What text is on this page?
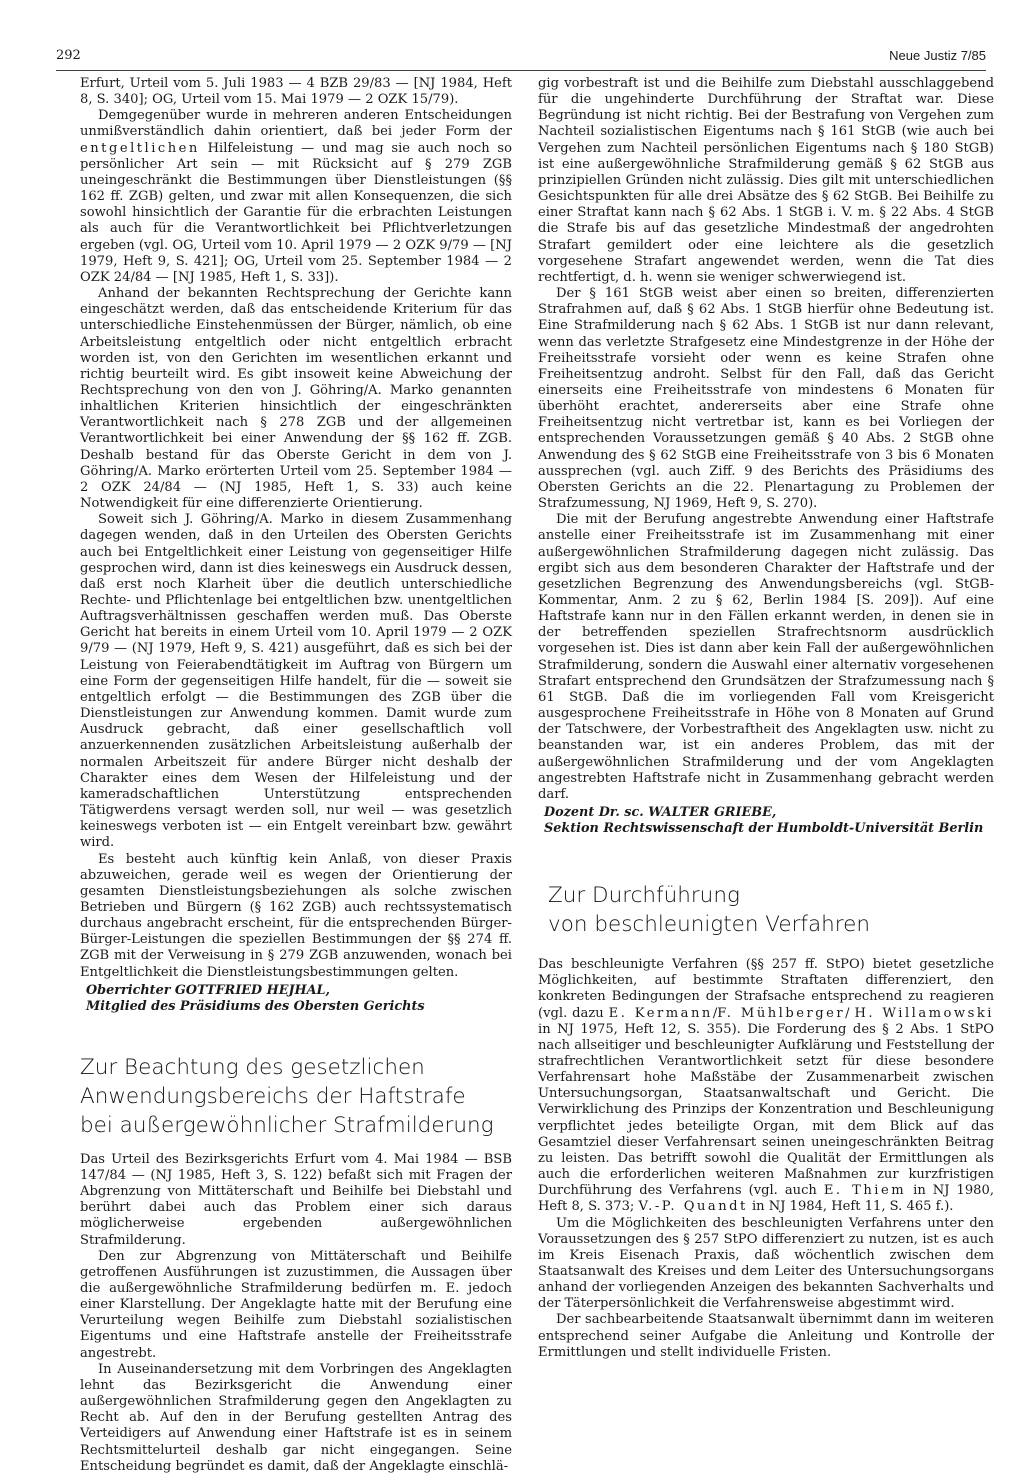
292	Neue Justiz 7/85

Erfurt, Urteil vom 5. Juli 1983 — 4 BZB 29/83 — [NJ 1984, Heft 8, S. 340]; OG, Urteil vom 15. Mai 1979 — 2 OZK 15/79).

Demgegenüber wurde in mehreren anderen Entscheidungen unmißverständlich dahin orientiert, daß bei jeder Form der entgeltlichen Hilfeleistung — und mag sie auch noch so persönlicher Art sein — mit Rücksicht auf § 279 ZGB uneingeschränkt die Bestimmungen über Dienstleistungen (§§ 162 ff. ZGB) gelten, und zwar mit allen Konsequenzen, die sich sowohl hinsichtlich der Garantie für die erbrachten Leistungen als auch für die Verantwortlichkeit bei Pflichtverletzungen ergeben (vgl. OG, Urteil vom 10. April 1979 — 2 OZK 9/79 — [NJ 1979, Heft 9, S. 421]; OG, Urteil vom 25. September 1984 — 2 OZK 24/84 — [NJ 1985, Heft 1, S. 33]).

Anhand der bekannten Rechtsprechung der Gerichte kann eingeschätzt werden, daß das entscheidende Kriterium für das unterschiedliche Einstehenmüssen der Bürger, nämlich, ob eine Arbeitsleistung entgeltlich oder nicht entgeltlich erbracht worden ist, von den Gerichten im wesentlichen erkannt und richtig beurteilt wird. Es gibt insoweit keine Abweichung der Rechtsprechung von den von J. Göhring/A. Marko genannten inhaltlichen Kriterien hinsichtlich der eingeschränkten Verantwortlichkeit nach § 278 ZGB und der allgemeinen Verantwortlichkeit bei einer Anwendung der §§ 162 ff. ZGB. Deshalb bestand für das Oberste Gericht in dem von J. Göhring/A. Marko erörterten Urteil vom 25. September 1984 — 2 OZK 24/84 — (NJ 1985, Heft 1, S. 33) auch keine Notwendigkeit für eine differenzierte Orientierung.

Soweit sich J. Göhring/A. Marko in diesem Zusammenhang dagegen wenden, daß in den Urteilen des Obersten Gerichts auch bei Entgeltlichkeit einer Leistung von gegenseitiger Hilfe gesprochen wird, dann ist dies keineswegs ein Ausdruck dessen, daß erst noch Klarheit über die deutlich unterschiedliche Rechte- und Pflichtenlage bei entgeltlichen bzw. unentgeltlichen Auftragsverhältnissen geschaffen werden muß. Das Oberste Gericht hat bereits in einem Urteil vom 10. April 1979 — 2 OZK 9/79 — (NJ 1979, Heft 9, S. 421) ausgeführt, daß es sich bei der Leistung von Feierabendtätigkeit im Auftrag von Bürgern um eine Form der gegenseitigen Hilfe handelt, für die — soweit sie entgeltlich erfolgt — die Bestimmungen des ZGB über die Dienstleistungen zur Anwendung kommen. Damit wurde zum Ausdruck gebracht, daß einer gesellschaftlich voll anzuerkennenden zusätzlichen Arbeitsleistung außerhalb der normalen Arbeitszeit für andere Bürger nicht deshalb der Charakter eines dem Wesen der Hilfeleistung und der kameradschaftlichen Unterstützung entsprechenden Tätigwerdens versagt werden soll, nur weil — was gesetzlich keineswegs verboten ist — ein Entgelt vereinbart bzw. gewährt wird.

Es besteht auch künftig kein Anlaß, von dieser Praxis abzuweichen, gerade weil es wegen der Orientierung der gesamten Dienstleistungsbeziehungen als solche zwischen Betrieben und Bürgern (§ 162 ZGB) auch rechtssystematisch durchaus angebracht erscheint, für die entsprechenden Bürger-Bürger-Leistungen die speziellen Bestimmungen der §§ 274 ff. ZGB mit der Verweisung in § 279 ZGB anzuwenden, wonach bei Entgeltlichkeit die Dienstleistungsbestimmungen gelten.

Oberrichter GOTTFRIED HEJHAL,
Mitglied des Präsidiums des Obersten Gerichts
Zur Beachtung des gesetzlichen
Anwendungsbereichs der Haftstrafe
bei außergewöhnlicher Strafmilderung

Das Urteil des Bezirksgerichts Erfurt vom 4. Mai 1984 — BSB 147/84 — (NJ 1985, Heft 3, S. 122) befaßt sich mit Fragen der Abgrenzung von Mittäterschaft und Beihilfe bei Diebstahl und berührt dabei auch das Problem einer sich daraus möglicherweise ergebenden außergewöhnlichen Strafmilderung.

Den zur Abgrenzung von Mittäterschaft und Beihilfe getroffenen Ausführungen ist zuzustimmen, die Aussagen über die außergewöhnliche Strafmilderung bedürfen m. E. jedoch einer Klarstellung. Der Angeklagte hatte mit der Berufung eine Verurteilung wegen Beihilfe zum Diebstahl sozialistischen Eigentums und eine Haftstrafe anstelle der Freiheitsstrafe angestrebt.

In Auseinandersetzung mit dem Vorbringen des Angeklagten lehnt das Bezirksgericht die Anwendung einer außergewöhnlichen Strafmilderung gegen den Angeklagten zu Recht ab. Auf den in der Berufung gestellten Antrag des Verteidigers auf Anwendung einer Haftstrafe ist es in seinem Rechtsmittelurteil deshalb gar nicht eingegangen. Seine Entscheidung begründet es damit, daß der Angeklagte einschlä-

gig vorbestraft ist und die Beihilfe zum Diebstahl ausschlaggebend für die ungehinderte Durchführung der Straftat war. Diese Begründung ist nicht richtig. Bei der Bestrafung von Vergehen zum Nachteil sozialistischen Eigentums nach § 161 StGB (wie auch bei Vergehen zum Nachteil persönlichen Eigentums nach § 180 StGB) ist eine außergewöhnliche Strafmilderung gemäß § 62 StGB aus prinzipiellen Gründen nicht zulässig. Dies gilt mit unterschiedlichen Gesichtspunkten für alle drei Absätze des § 62 StGB. Bei Beihilfe zu einer Straftat kann nach § 62 Abs. 1 StGB i. V. m. § 22 Abs. 4 StGB die Strafe bis auf das gesetzliche Mindestmaß der angedrohten Strafart gemildert oder eine leichtere als die gesetzlich vorgesehene Strafart angewendet werden, wenn die Tat dies rechtfertigt, d. h. wenn sie weniger schwerwiegend ist.

Der § 161 StGB weist aber einen so breiten, differenzierten Strafrahmen auf, daß § 62 Abs. 1 StGB hierfür ohne Bedeutung ist. Eine Strafmilderung nach § 62 Abs. 1 StGB ist nur dann relevant, wenn das verletzte Strafgesetz eine Mindestgrenze in der Höhe der Freiheitsstrafe vorsieht oder wenn es keine Strafen ohne Freiheitsentzug androht. Selbst für den Fall, daß das Gericht einerseits eine Freiheitsstrafe von mindestens 6 Monaten für überhöht erachtet, andererseits aber eine Strafe ohne Freiheitsentzug nicht vertretbar ist, kann es bei Vorliegen der entsprechenden Voraussetzungen gemäß § 40 Abs. 2 StGB ohne Anwendung des § 62 StGB eine Freiheitsstrafe von 3 bis 6 Monaten aussprechen (vgl. auch Ziff. 9 des Berichts des Präsidiums des Obersten Gerichts an die 22. Plenartagung zu Problemen der Strafzumessung, NJ 1969, Heft 9, S. 270).

Die mit der Berufung angestrebte Anwendung einer Haftstrafe anstelle einer Freiheitsstrafe ist im Zusammenhang mit einer außergewöhnlichen Strafmilderung dagegen nicht zulässig. Das ergibt sich aus dem besonderen Charakter der Haftstrafe und der gesetzlichen Begrenzung des Anwendungsbereichs (vgl. StGB-Kommentar, Anm. 2 zu § 62, Berlin 1984 [S. 209]). Auf eine Haftstrafe kann nur in den Fällen erkannt werden, in denen sie in der betreffenden speziellen Strafrechtsnorm ausdrücklich vorgesehen ist. Dies ist dann aber kein Fall der außergewöhnlichen Strafmilderung, sondern die Auswahl einer alternativ vorgesehenen Strafart entsprechend den Grundsätzen der Strafzumessung nach § 61 StGB. Daß die im vorliegenden Fall vom Kreisgericht ausgesprochene Freiheitsstrafe in Höhe von 8 Monaten auf Grund der Tatschwere, der Vorbestraftheit des Angeklagten usw. nicht zu beanstanden war, ist ein anderes Problem, das mit der außergewöhnlichen Strafmilderung und der vom Angeklagten angestrebten Haftstrafe nicht in Zusammenhang gebracht werden darf.

Dozent Dr. sc. WALTER GRIEBE,
Sektion Rechtswissenschaft der Humboldt-Universität Berlin
Zur Durchführung
von beschleunigten Verfahren

Das beschleunigte Verfahren (§§ 257 ff. StPO) bietet gesetzliche Möglichkeiten, auf bestimmte Straftaten differenziert, den konkreten Bedingungen der Strafsache entsprechend zu reagieren (vgl. dazu E. Kermann/F. Mühlberger/ H. Willamowski in NJ 1975, Heft 12, S. 355). Die Forderung des § 2 Abs. 1 StPO nach allseitiger und beschleunigter Aufklärung und Feststellung der strafrechtlichen Verantwortlichkeit setzt für diese besondere Verfahrensart hohe Maßstäbe der Zusammenarbeit zwischen Untersuchungsorgan, Staatsanwaltschaft und Gericht. Die Verwirklichung des Prinzips der Konzentration und Beschleunigung verpflichtet jedes beteiligte Organ, mit dem Blick auf das Gesamtziel dieser Verfahrensart seinen uneingeschränkten Beitrag zu leisten. Das betrifft sowohl die Qualität der Ermittlungen als auch die erforderlichen weiteren Maßnahmen zur kurzfristigen Durchführung des Verfahrens (vgl. auch E. Thiem in NJ 1980, Heft 8, S. 373; V.-P. Quandt in NJ 1984, Heft 11, S. 465 f.).

Um die Möglichkeiten des beschleunigten Verfahrens unter den Voraussetzungen des § 257 StPO differenziert zu nutzen, ist es auch im Kreis Eisenach Praxis, daß wöchentlich zwischen dem Staatsanwalt des Kreises und dem Leiter des Untersuchungsorgans anhand der vorliegenden Anzeigen des bekannten Sachverhalts und der Täterpersönlichkeit die Verfahrensweise abgestimmt wird.

Der sachbearbeitende Staatsanwalt übernimmt dann im weiteren entsprechend seiner Aufgabe die Anleitung und Kontrolle der Ermittlungen und stellt individuelle Fristen.
